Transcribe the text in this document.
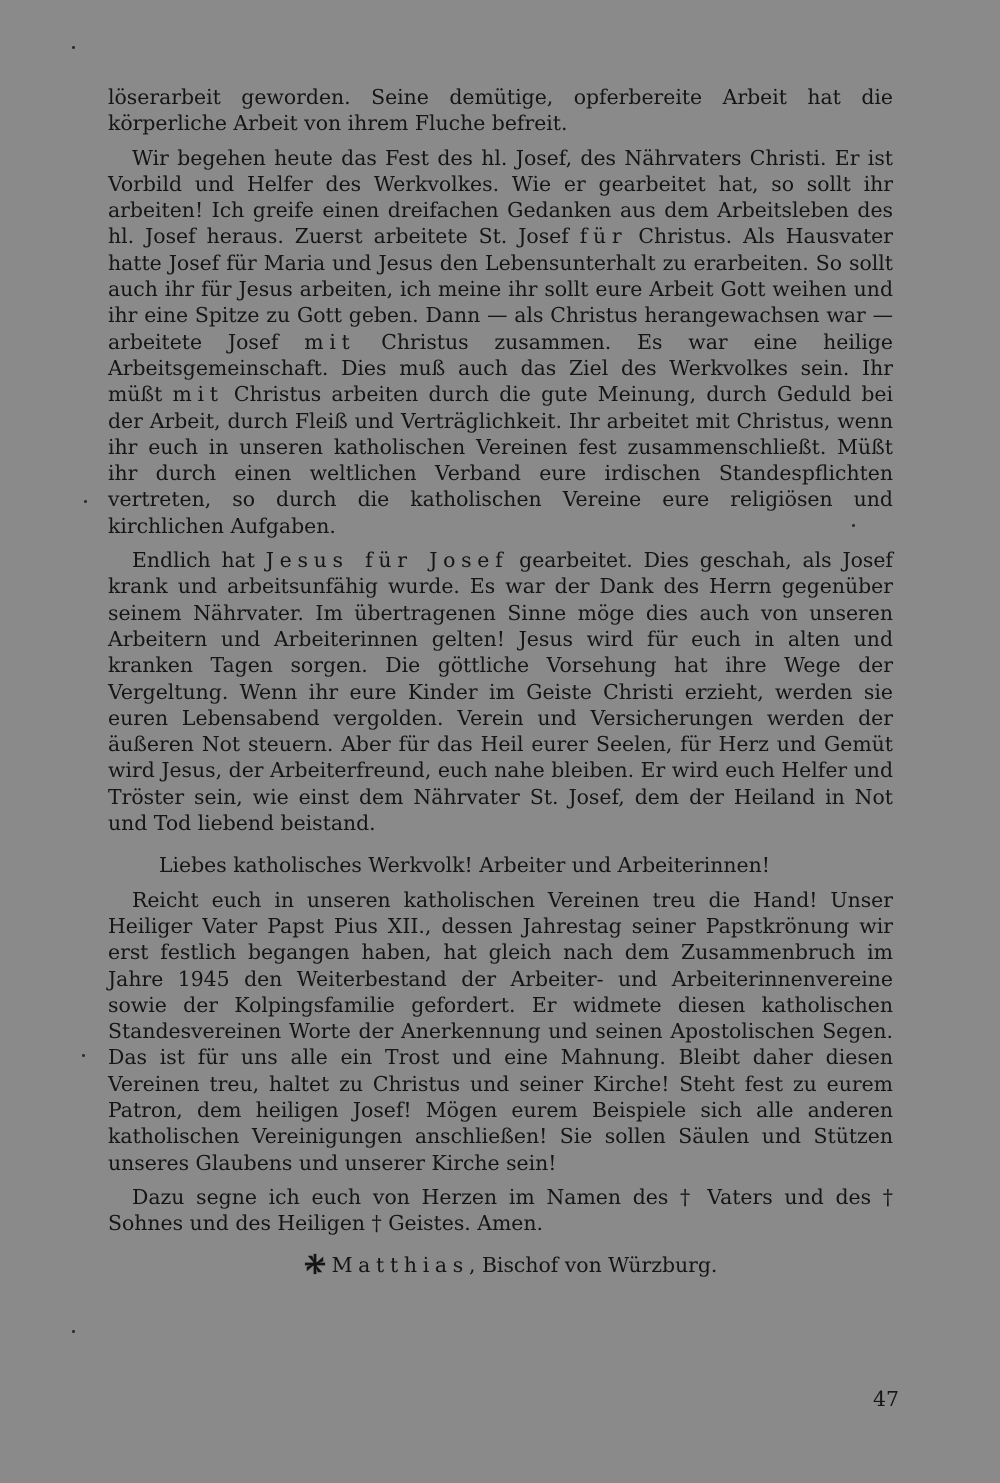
löserarbeit geworden. Seine demütige, opferbereite Arbeit hat die körperliche Arbeit von ihrem Fluche befreit.

Wir begehen heute das Fest des hl. Josef, des Nährvaters Christi. Er ist Vorbild und Helfer des Werkvolkes. Wie er gearbeitet hat, so sollt ihr arbeiten! Ich greife einen dreifachen Gedanken aus dem Arbeitsleben des hl. Josef heraus. Zuerst arbeitete St. Josef für Christus. Als Hausvater hatte Josef für Maria und Jesus den Lebensunterhalt zu erarbeiten. So sollt auch ihr für Jesus arbeiten, ich meine ihr sollt eure Arbeit Gott weihen und ihr eine Spitze zu Gott geben. Dann — als Christus herangewachsen war — arbeitete Josef mit Christus zusammen. Es war eine heilige Arbeitsgemeinschaft. Dies muß auch das Ziel des Werkvolkes sein. Ihr müßt mit Christus arbeiten durch die gute Meinung, durch Geduld bei der Arbeit, durch Fleiß und Verträglichkeit. Ihr arbeitet mit Christus, wenn ihr euch in unseren katholischen Vereinen fest zusammenschließt. Müßt ihr durch einen weltlichen Verband eure irdischen Standespflichten vertreten, so durch die katholischen Vereine eure religiösen und kirchlichen Aufgaben.

Endlich hat Jesus für Josef gearbeitet. Dies geschah, als Josef krank und arbeitsunfähig wurde. Es war der Dank des Herrn gegenüber seinem Nährvater. Im übertragenen Sinne möge dies auch von unseren Arbeitern und Arbeiterinnen gelten! Jesus wird für euch in alten und kranken Tagen sorgen. Die göttliche Vorsehung hat ihre Wege der Vergeltung. Wenn ihr eure Kinder im Geiste Christi erzieht, werden sie euren Lebensabend vergolden. Verein und Versicherungen werden der äußeren Not steuern. Aber für das Heil eurer Seelen, für Herz und Gemüt wird Jesus, der Arbeiterfreund, euch nahe bleiben. Er wird euch Helfer und Tröster sein, wie einst dem Nährvater St. Josef, dem der Heiland in Not und Tod liebend beistand.

Liebes katholisches Werkvolk! Arbeiter und Arbeiterinnen!

Reicht euch in unseren katholischen Vereinen treu die Hand! Unser Heiliger Vater Papst Pius XII., dessen Jahrestag seiner Papstkrönung wir erst festlich begangen haben, hat gleich nach dem Zusammenbruch im Jahre 1945 den Weiterbestand der Arbeiter- und Arbeiterinnenvereine sowie der Kolpingsfamilie gefordert. Er widmete diesen katholischen Standesvereinen Worte der Anerkennung und seinen Apostolischen Segen. Das ist für uns alle ein Trost und eine Mahnung. Bleibt daher diesen Vereinen treu, haltet zu Christus und seiner Kirche! Steht fest zu eurem Patron, dem heiligen Josef! Mögen eurem Beispiele sich alle anderen katholischen Vereinigungen anschließen! Sie sollen Säulen und Stützen unseres Glaubens und unserer Kirche sein!

Dazu segne ich euch von Herzen im Namen des † Vaters und des † Sohnes und des Heiligen † Geistes. Amen.

Matthias, Bischof von Würzburg.

47
